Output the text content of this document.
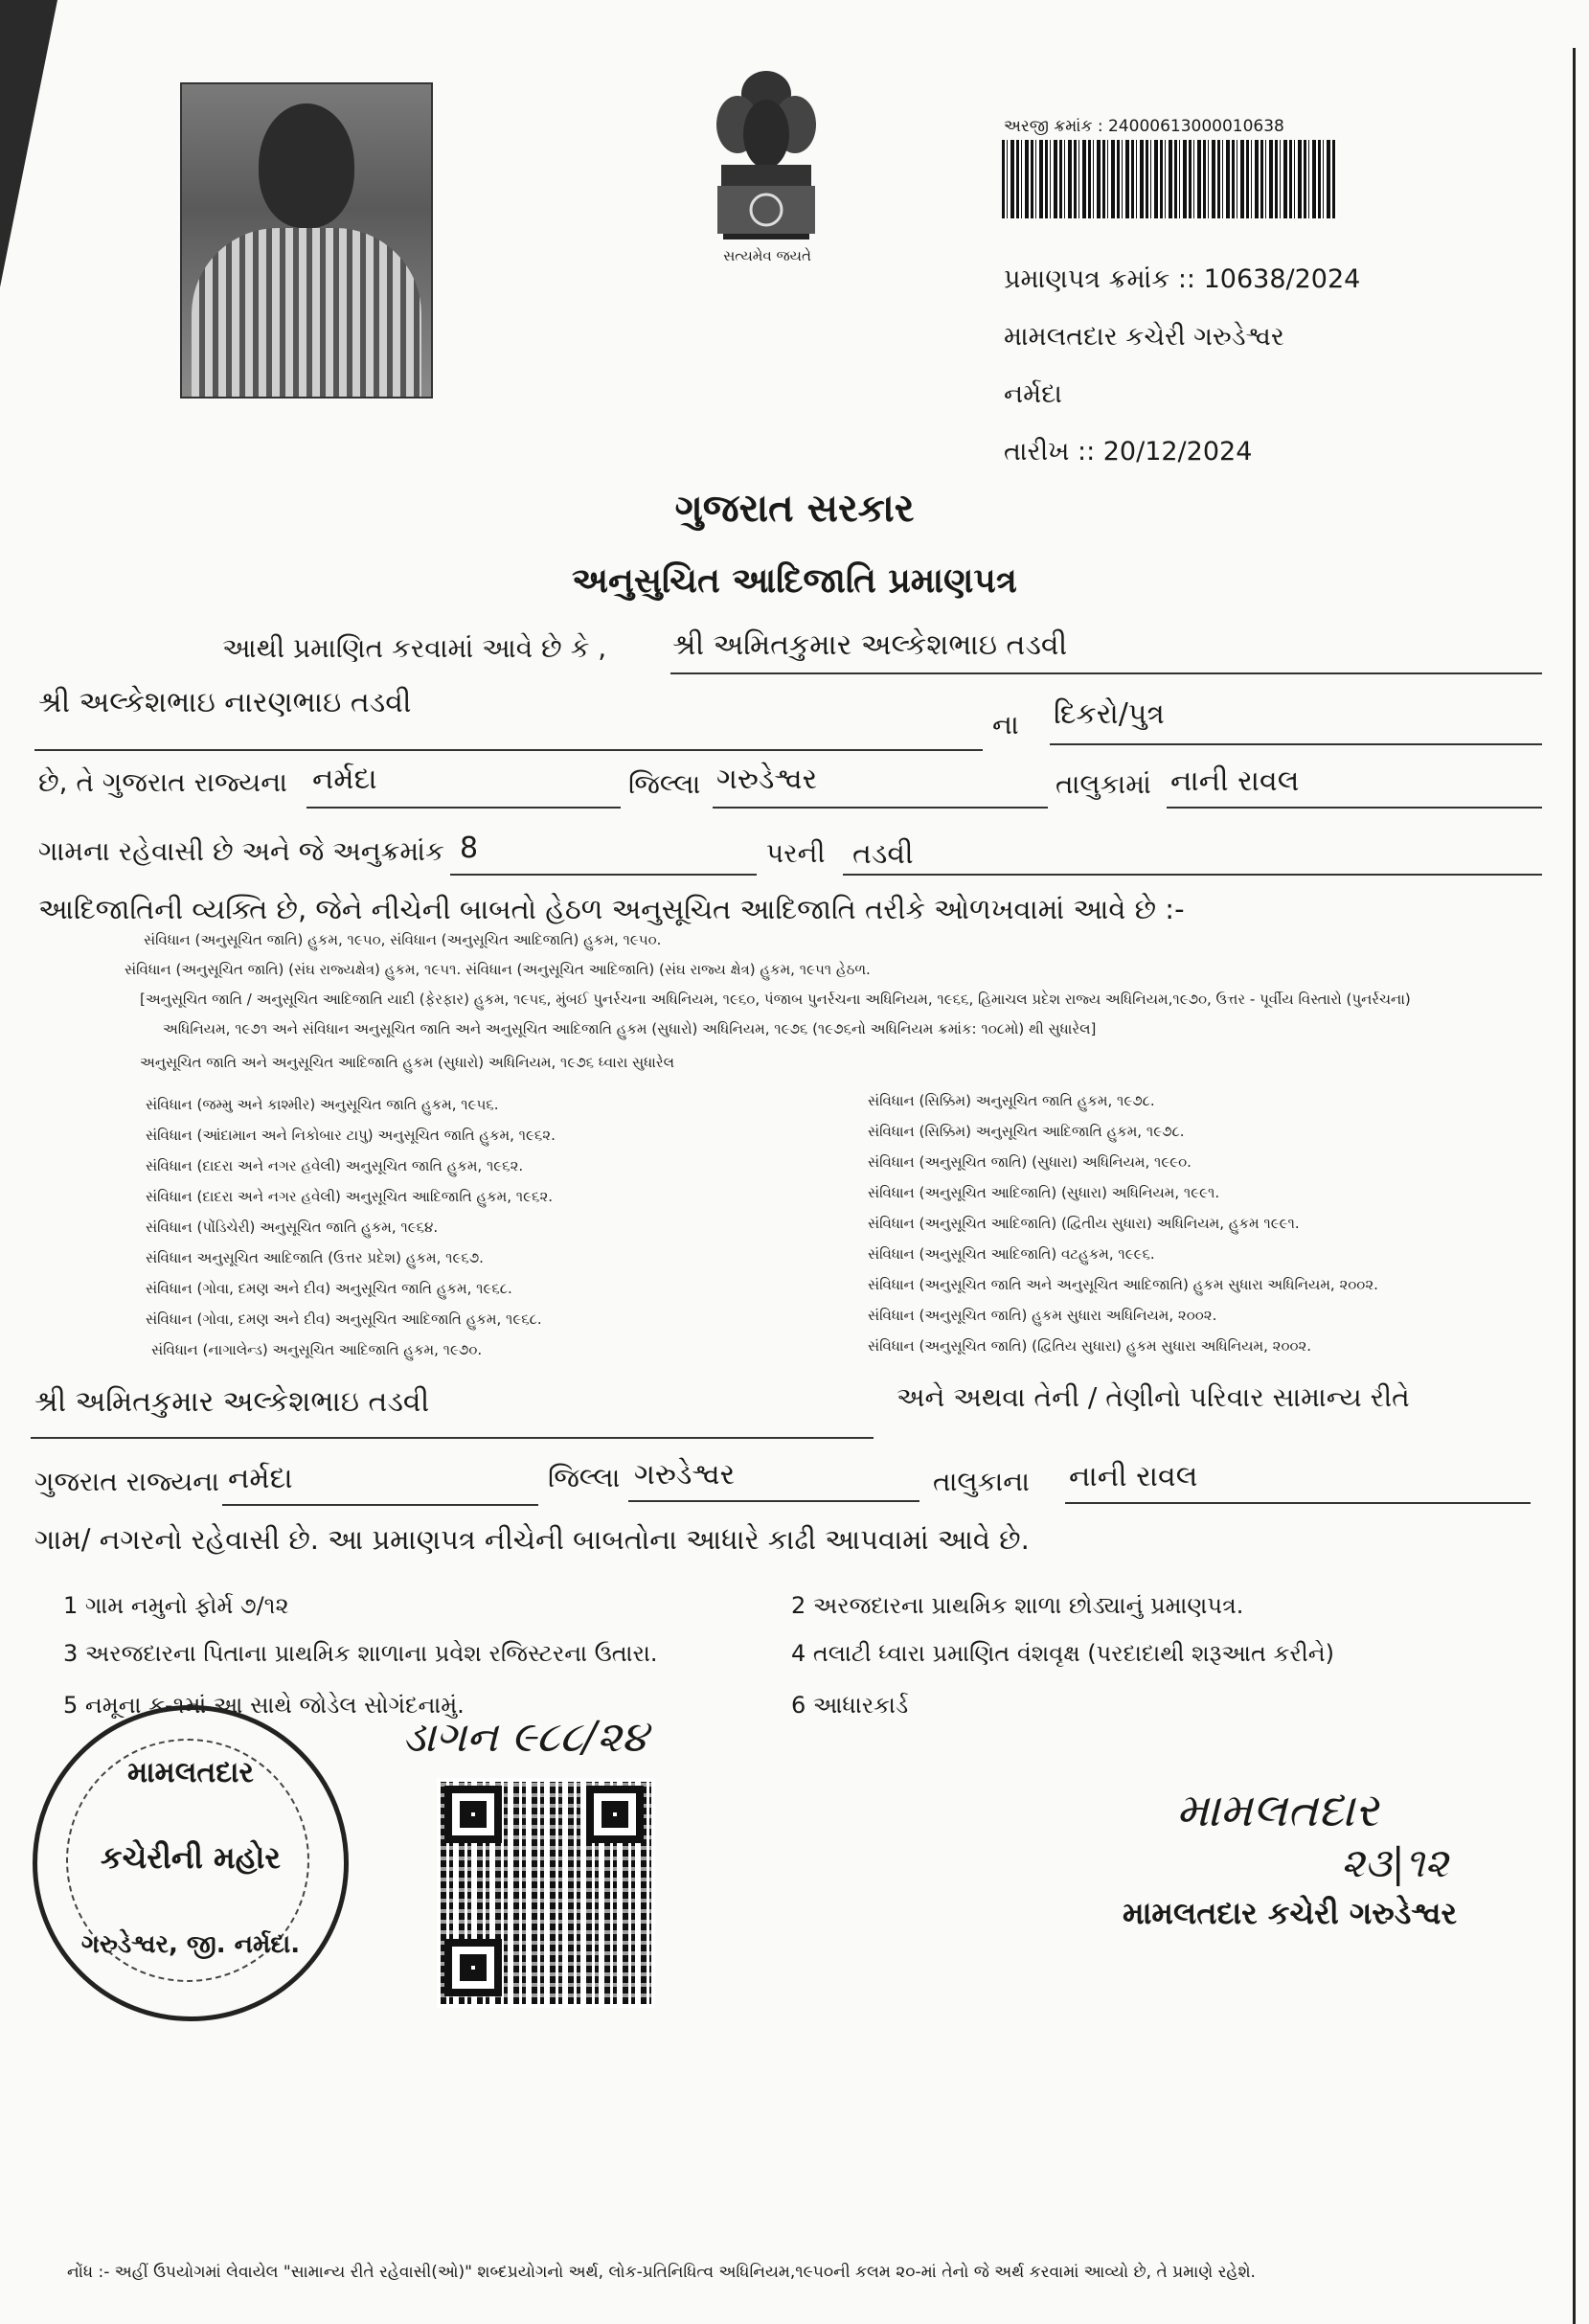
સત્યમેવ જયતે
અરજી ક્રમાંક : 24000613000010638
પ્રમાણપત્ર ક્રમાંક :: 10638/2024
મામલતદાર કચેરી ગરુડેશ્વર
નર્મદા
તારીખ :: 20/12/2024
ગુજરાત સરકાર
અનુસુચિત આદિજાતિ પ્રમાણપત્ર
આથી પ્રમાણિત કરવામાં આવે છે કે , શ્રી અમિતકુમાર અલ્કેશભાઇ તડવી
શ્રી અલ્કેશભાઇ નારણભાઇ તડવી
ના દિકરો/પુત્ર
છે, તે ગુજરાત રાજ્યના નર્મદા	જિલ્લા ગરુડેશ્વર	તાલુકામાં નાની રાવલ
ગામના રહેવાસી છે અને જે અનુક્રમાંક 8	પરની તડવી
આદિજાતિની વ્યક્તિ છે, જેને નીચેની બાબતો હેઠળ અનુસૂચિત આદિજાતિ તરીકે ઓળખવામાં આવે છે :-
સંવિધાન (અનુસૂચિત જાતિ) હુકમ, ૧૯૫૦, સંવિધાન (અનુસૂચિત આદિજાતિ) હુકમ, ૧૯૫૦.
સંવિધાન (અનુસૂચિત જાતિ) (સંઘ રાજ્યક્ષેત્ર) હુકમ, ૧૯૫૧. સંવિધાન (અનુસૂચિત આદિજાતિ) (સંઘ રાજ્ય ક્ષેત્ર) હુકમ, ૧૯૫૧ હેઠળ.
[અનુસૂચિત જાતિ / અનુસૂચિત આદિજાતિ યાદી (ફેરફાર) હુકમ, ૧૯૫૬, મુંબઈ પુનર્રચના અધિનિયમ, ૧૯૬૦, પંજાબ પુનર્રચના અધિનિયમ, ૧૯૬૬, હિમાચલ પ્રદેશ રાજ્ય અધિનિયમ,૧૯૭૦, ઉત્તર - પૂર્વીય વિસ્તારો (પુનર્રચના)
અધિનિયમ, ૧૯૭૧ અને સંવિધાન અનુસૂચિત જાતિ અને અનુસૂચિત આદિજાતિ હુકમ (સુધારો) અધિનિયમ, ૧૯૭૬ (૧૯૭૬નો અધિનિયમ ક્રમાંક: ૧૦૮મો) થી સુધારેલ]
અનુસૂચિત જાતિ અને અનુસૂચિત આદિજાતિ હુકમ (સુધારો) અધિનિયમ, ૧૯૭૬ ધ્વારા સુધારેલ
સંવિધાન (જમ્મુ અને કાશ્મીર) અનુસૂચિત જાતિ હુકમ, ૧૯૫૬.
સંવિધાન (આંદામાન અને નિકોબાર ટાપુ) અનુસૂચિત જાતિ હુકમ, ૧૯૬૨.
સંવિધાન (દાદરા અને નગર હવેલી) અનુસૂચિત જાતિ હુકમ, ૧૯૬૨.
સંવિધાન (દાદરા અને નગર હવેલી) અનુસૂચિત આદિજાતિ હુકમ, ૧૯૬૨.
સંવિધાન (પોંડિચેરી) અનુસૂચિત જાતિ હુકમ, ૧૯૬૪.
સંવિધાન અનુસૂચિત આદિજાતિ (ઉત્તર પ્રદેશ) હુકમ, ૧૯૬૭.
સંવિધાન (ગોવા, દમણ અને દીવ) અનુસૂચિત જાતિ હુકમ, ૧૯૬૮.
સંવિધાન (ગોવા, દમણ અને દીવ) અનુસૂચિત આદિજાતિ હુકમ, ૧૯૬૮.
સંવિધાન (નાગાલેન્ડ) અનુસૂચિત આદિજાતિ હુકમ, ૧૯૭૦.
સંવિધાન (સિક્કિમ) અનુસૂચિત જાતિ હુકમ, ૧૯૭૮.
સંવિધાન (સિક્કિમ) અનુસૂચિત આદિજાતિ હુકમ, ૧૯૭૮.
સંવિધાન (અનુસૂચિત જાતિ) (સુધારા) અધિનિયમ, ૧૯૯૦.
સંવિધાન (અનુસૂચિત આદિજાતિ) (સુધારા) અધિનિયમ, ૧૯૯૧.
સંવિધાન (અનુસૂચિત આદિજાતિ) (દ્વિતીય સુધારા) અધિનિયમ, હુકમ ૧૯૯૧.
સંવિધાન (અનુસૂચિત આદિજાતિ) વટહુકમ, ૧૯૯૬.
સંવિધાન (અનુસૂચિત જાતિ અને અનુસૂચિત આદિજાતિ) હુકમ સુધારા અધિનિયમ, ૨૦૦૨.
સંવિધાન (અનુસૂચિત જાતિ) હુકમ સુધારા અધિનિયમ, ૨૦૦૨.
સંવિધાન (અનુસૂચિત જાતિ) (દ્વિતિય સુધારા) હુકમ સુધારા અધિનિયમ, ૨૦૦૨.
શ્રી અમિતકુમાર અલ્કેશભાઇ તડવી	અને અથવા તેની / તેણીનો પરિવાર સામાન્ય રીતે
ગુજરાત રાજ્યના નર્મદા	જિલ્લા ગરુડેશ્વર	તાલુકાના નાની રાવલ
ગામ/ નગરનો રહેવાસી છે. આ પ્રમાણપત્ર નીચેની બાબતોના આધારે કાઢી આપવામાં આવે છે.
1 ગામ નમુનો ફોર્મ ૭/૧૨	2 અરજદારના પ્રાથમિક શાળા છોડ્યાનું પ્રમાણપત્ર.
3 અરજદારના પિતાના પ્રાથમિક શાળાના પ્રવેશ રજિસ્ટરના ઉતારા.	4 તલાટી ધ્વારા પ્રમાણિત વંશવૃક્ષ (પરદાદાથી શરૂઆત કરીને)
5 નમૂના ક-૧માં આ સાથે જોડેલ સોગંદનામું.	6 આધારકાર્ડ
મામલતદાર
કચેરીની મહોર
ગરુડેશ્વર, જી. નર્મદા.
ડાગન ૯૮૮/૨૪
મામલતદાર
૨૩|૧૨
મામલતદાર કચેરી ગરુડેશ્વર
નોંધ :- અહીં ઉપયોગમાં લેવાયેલ "સામાન્ય રીતે રહેવાસી(ઓ)" શબ્દપ્રયોગનો અર્થ, લોક-પ્રતિનિધિત્વ અધિનિયમ,૧૯૫૦ની કલમ ૨૦-માં તેનો જે અર્થ કરવામાં આવ્યો છે, તે પ્રમાણે રહેશે.
